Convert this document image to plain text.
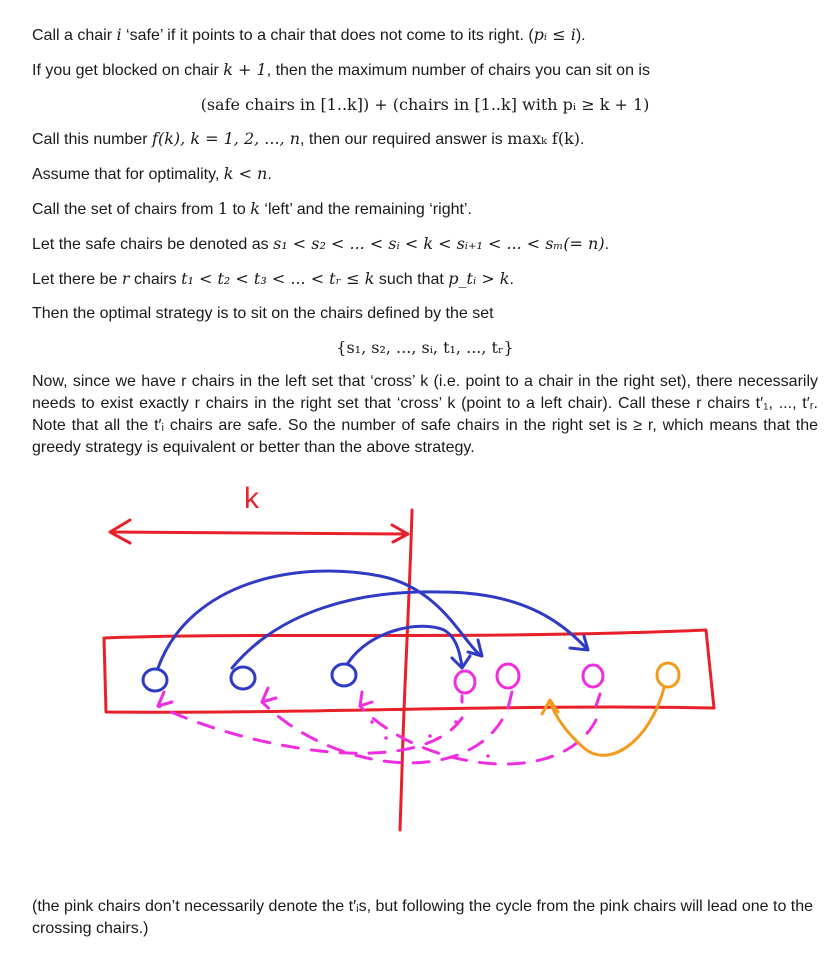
Call a chair i ‘safe’ if it points to a chair that does not come to its right. (pᵢ ≤ i).

If you get blocked on chair k + 1, then the maximum number of chairs you can sit on is

(safe chairs in [1..k]) + (chairs in [1..k] with pᵢ ≥ k + 1)

Call this number f(k), k = 1, 2, ..., n, then our required answer is maxₖ f(k).

Assume that for optimality, k < n.

Call the set of chairs from 1 to k ‘left’ and the remaining ‘right’.

Let the safe chairs be denoted as s₁ < s₂ < ... < sᵢ < k < sᵢ₊₁ < ... < sₘ(= n).

Let there be r chairs t₁ < t₂ < t₃ < ... < tᵣ ≤ k such that p_tᵢ > k.

Then the optimal strategy is to sit on the chairs defined by the set

{s₁, s₂, ..., sᵢ, t₁, ..., tᵣ}

Now, since we have r chairs in the left set that ‘cross’ k (i.e. point to a chair in the right set), there necessarily needs to exist exactly r chairs in the right set that ‘cross’ k (point to a left chair). Call these r chairs t′₁, ..., t′ᵣ. Note that all the t′ᵢ chairs are safe. So the number of safe chairs in the right set is ≥ r, which means that the greedy strategy is equivalent or better than the above strategy.

k

(the pink chairs don’t necessarily denote the t′ᵢs, but following the cycle from the pink chairs will lead one to the crossing chairs.)
